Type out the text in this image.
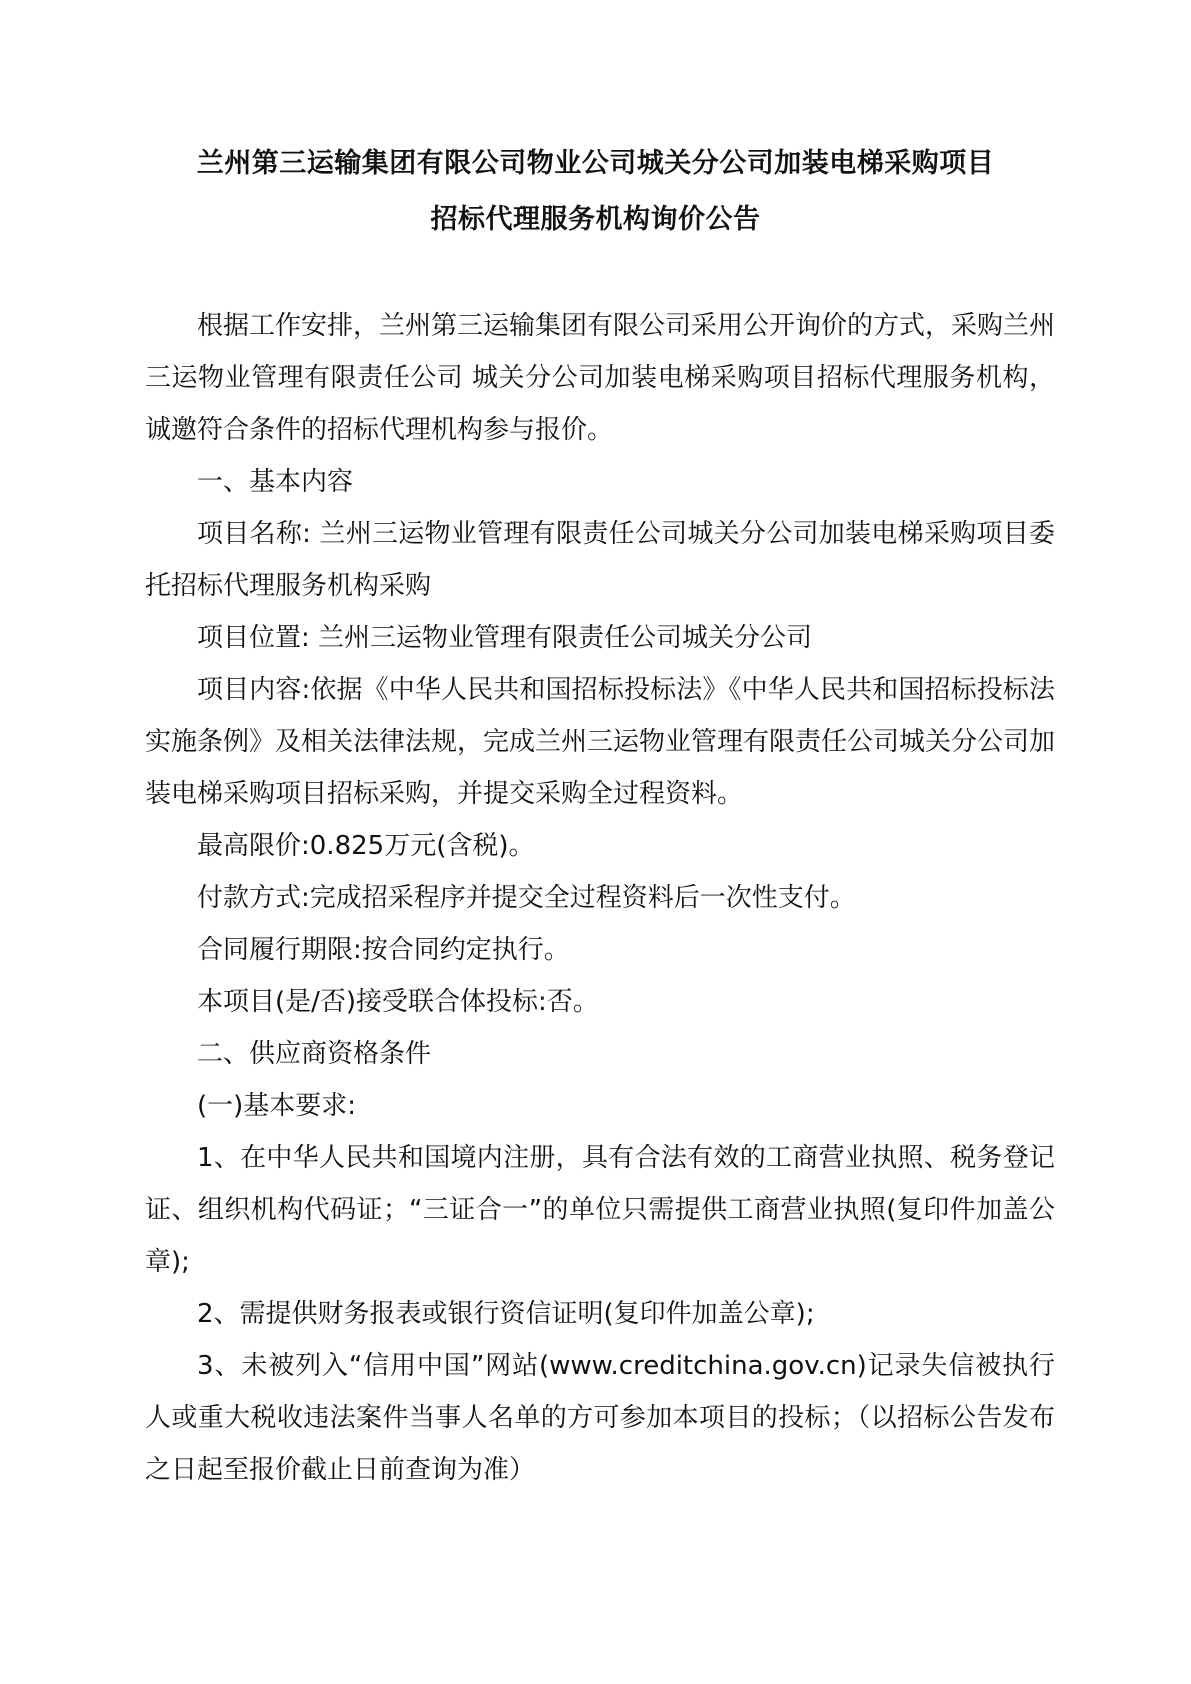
兰州第三运输集团有限公司物业公司城关分公司加装电梯采购项目
招标代理服务机构询价公告

根据工作安排，兰州第三运输集团有限公司采用公开询价的方式，采购兰州三运物业管理有限责任公司 城关分公司加装电梯采购项目招标代理服务机构，诚邀符合条件的招标代理机构参与报价。

一、基本内容

项目名称: 兰州三运物业管理有限责任公司城关分公司加装电梯采购项目委托招标代理服务机构采购

项目位置: 兰州三运物业管理有限责任公司城关分公司

项目内容:依据《中华人民共和国招标投标法》《中华人民共和国招标投标法实施条例》及相关法律法规，完成兰州三运物业管理有限责任公司城关分公司加装电梯采购项目招标采购，并提交采购全过程资料。

最高限价:0.825万元(含税)。

付款方式:完成招采程序并提交全过程资料后一次性支付。

合同履行期限:按合同约定执行。

本项目(是/否)接受联合体投标:否。

二、供应商资格条件

(一)基本要求:

1、在中华人民共和国境内注册，具有合法有效的工商营业执照、税务登记证、组织机构代码证；“三证合一”的单位只需提供工商营业执照(复印件加盖公章);

2、需提供财务报表或银行资信证明(复印件加盖公章);

3、未被列入“信用中国”网站(www.creditchina.gov.cn)记录失信被执行人或重大税收违法案件当事人名单的方可参加本项目的投标；（以招标公告发布之日起至报价截止日前查询为准）
